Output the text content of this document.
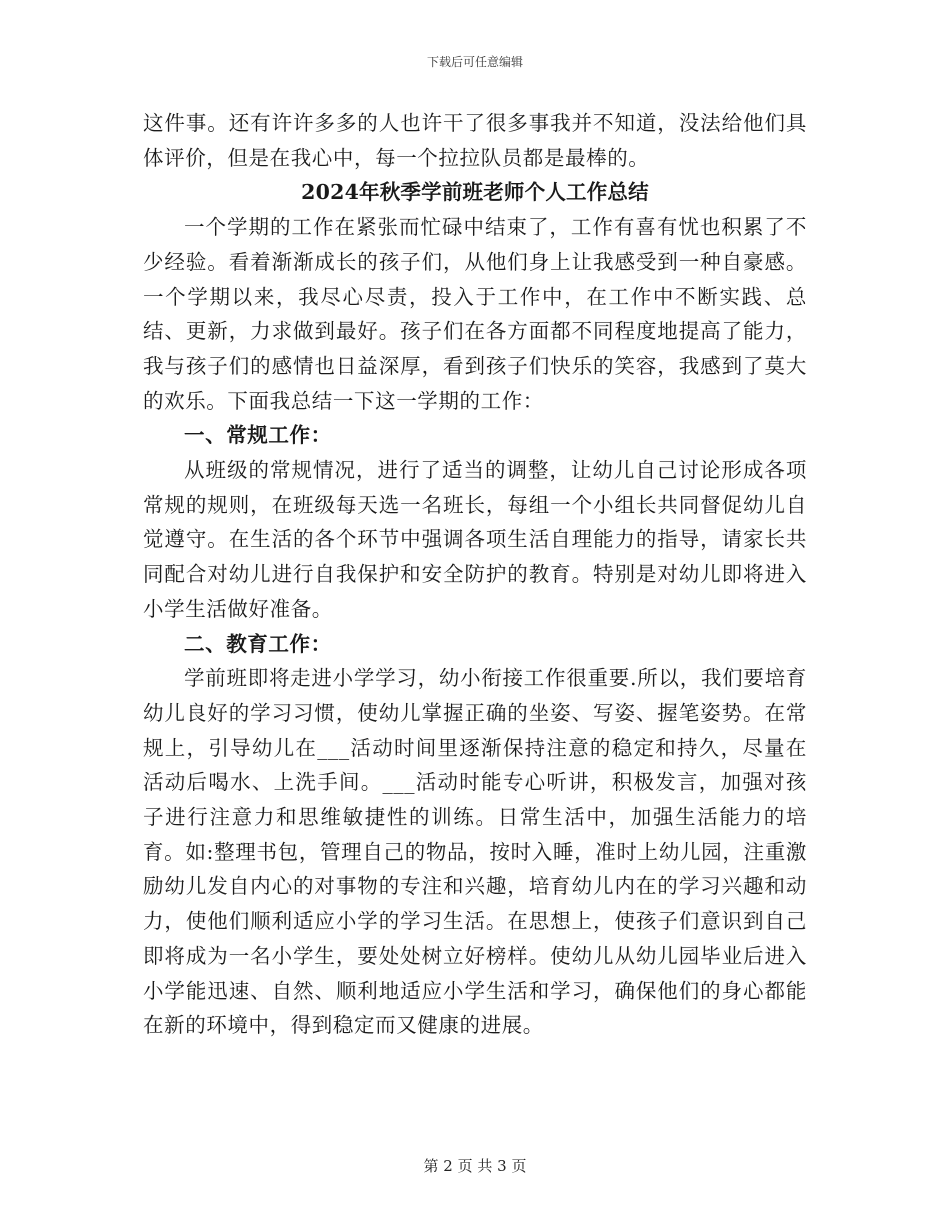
下载后可任意编辑

这件事。还有许许多多的人也许干了很多事我并不知道，没法给他们具体评价，但是在我心中，每一个拉拉队员都是最棒的。

2024年秋季学前班老师个人工作总结

一个学期的工作在紧张而忙碌中结束了，工作有喜有忧也积累了不少经验。看着渐渐成长的孩子们，从他们身上让我感受到一种自豪感。一个学期以来，我尽心尽责，投入于工作中，在工作中不断实践、总结、更新，力求做到最好。孩子们在各方面都不同程度地提高了能力，我与孩子们的感情也日益深厚，看到孩子们快乐的笑容，我感到了莫大的欢乐。下面我总结一下这一学期的工作：

一、常规工作：

从班级的常规情况，进行了适当的调整，让幼儿自己讨论形成各项常规的规则，在班级每天选一名班长，每组一个小组长共同督促幼儿自觉遵守。在生活的各个环节中强调各项生活自理能力的指导，请家长共同配合对幼儿进行自我保护和安全防护的教育。特别是对幼儿即将进入小学生活做好准备。

二、教育工作：

学前班即将走进小学学习，幼小衔接工作很重要.所以，我们要培育幼儿良好的学习习惯，使幼儿掌握正确的坐姿、写姿、握笔姿势。在常规上，引导幼儿在___活动时间里逐渐保持注意的稳定和持久，尽量在活动后喝水、上洗手间。___活动时能专心听讲，积极发言，加强对孩子进行注意力和思维敏捷性的训练。日常生活中，加强生活能力的培育。如:整理书包，管理自己的物品，按时入睡，准时上幼儿园，注重激励幼儿发自内心的对事物的专注和兴趣，培育幼儿内在的学习兴趣和动力，使他们顺利适应小学的学习生活。在思想上，使孩子们意识到自己即将成为一名小学生，要处处树立好榜样。使幼儿从幼儿园毕业后进入小学能迅速、自然、顺利地适应小学生活和学习，确保他们的身心都能在新的环境中，得到稳定而又健康的进展。

第 2 页 共 3 页
